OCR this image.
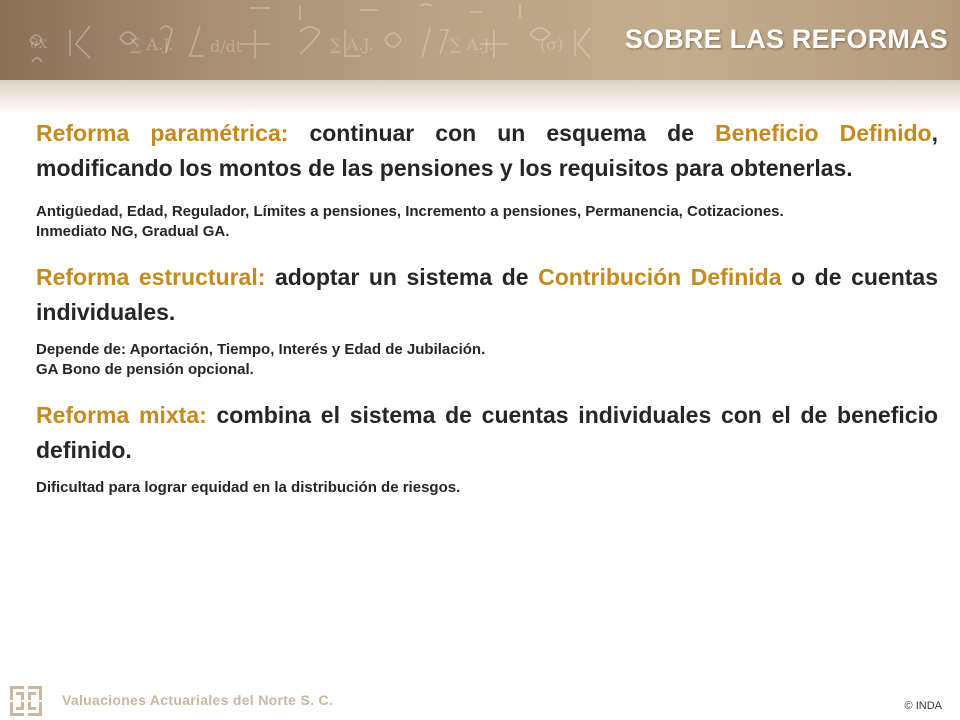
∂x	∑ A.J. d/dt	∑ A.J.	∑ A.J.	(σ) SOBRE LAS REFORMAS

Reforma paramétrica: continuar con un esquema de Beneficio Definido, modificando los montos de las pensiones y los requisitos para obtenerlas.

Antigüedad, Edad, Regulador, Límites a pensiones, Incremento a pensiones, Permanencia, Cotizaciones.

Inmediato NG, Gradual GA.

Reforma estructural: adoptar un sistema de Contribución Definida o de cuentas individuales.

Depende de: Aportación, Tiempo, Interés y Edad de Jubilación.

GA Bono de pensión opcional.

Reforma mixta: combina el sistema de cuentas individuales con el de beneficio definido.

Dificultad para lograr equidad en la distribución de riesgos.

Valuaciones Actuariales del Norte S. C.	© INDA
